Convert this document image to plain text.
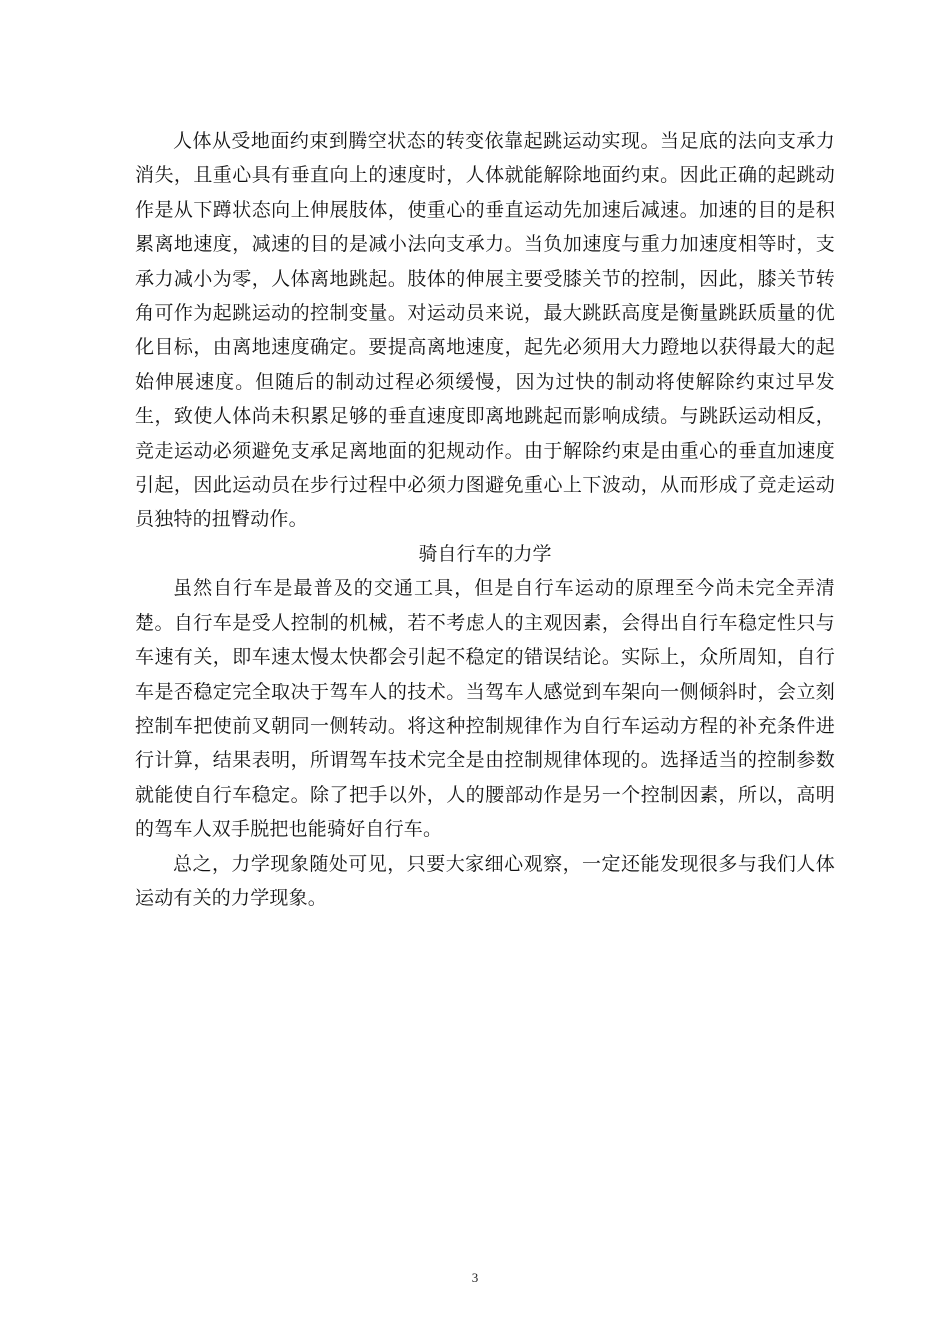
人体从受地面约束到腾空状态的转变依靠起跳运动实现。当足底的法向支承力消失，且重心具有垂直向上的速度时，人体就能解除地面约束。因此正确的起跳动作是从下蹲状态向上伸展肢体，使重心的垂直运动先加速后减速。加速的目的是积累离地速度，减速的目的是减小法向支承力。当负加速度与重力加速度相等时，支承力减小为零，人体离地跳起。肢体的伸展主要受膝关节的控制，因此，膝关节转角可作为起跳运动的控制变量。对运动员来说，最大跳跃高度是衡量跳跃质量的优化目标，由离地速度确定。要提高离地速度，起先必须用大力蹬地以获得最大的起始伸展速度。但随后的制动过程必须缓慢，因为过快的制动将使解除约束过早发生，致使人体尚未积累足够的垂直速度即离地跳起而影响成绩。与跳跃运动相反，竞走运动必须避免支承足离地面的犯规动作。由于解除约束是由重心的垂直加速度引起，因此运动员在步行过程中必须力图避免重心上下波动，从而形成了竞走运动员独特的扭臀动作。

骑自行车的力学

虽然自行车是最普及的交通工具，但是自行车运动的原理至今尚未完全弄清楚。自行车是受人控制的机械，若不考虑人的主观因素，会得出自行车稳定性只与车速有关，即车速太慢太快都会引起不稳定的错误结论。实际上，众所周知，自行车是否稳定完全取决于驾车人的技术。当驾车人感觉到车架向一侧倾斜时，会立刻控制车把使前叉朝同一侧转动。将这种控制规律作为自行车运动方程的补充条件进行计算，结果表明，所谓驾车技术完全是由控制规律体现的。选择适当的控制参数就能使自行车稳定。除了把手以外，人的腰部动作是另一个控制因素，所以，高明的驾车人双手脱把也能骑好自行车。

总之，力学现象随处可见，只要大家细心观察，一定还能发现很多与我们人体运动有关的力学现象。

3
